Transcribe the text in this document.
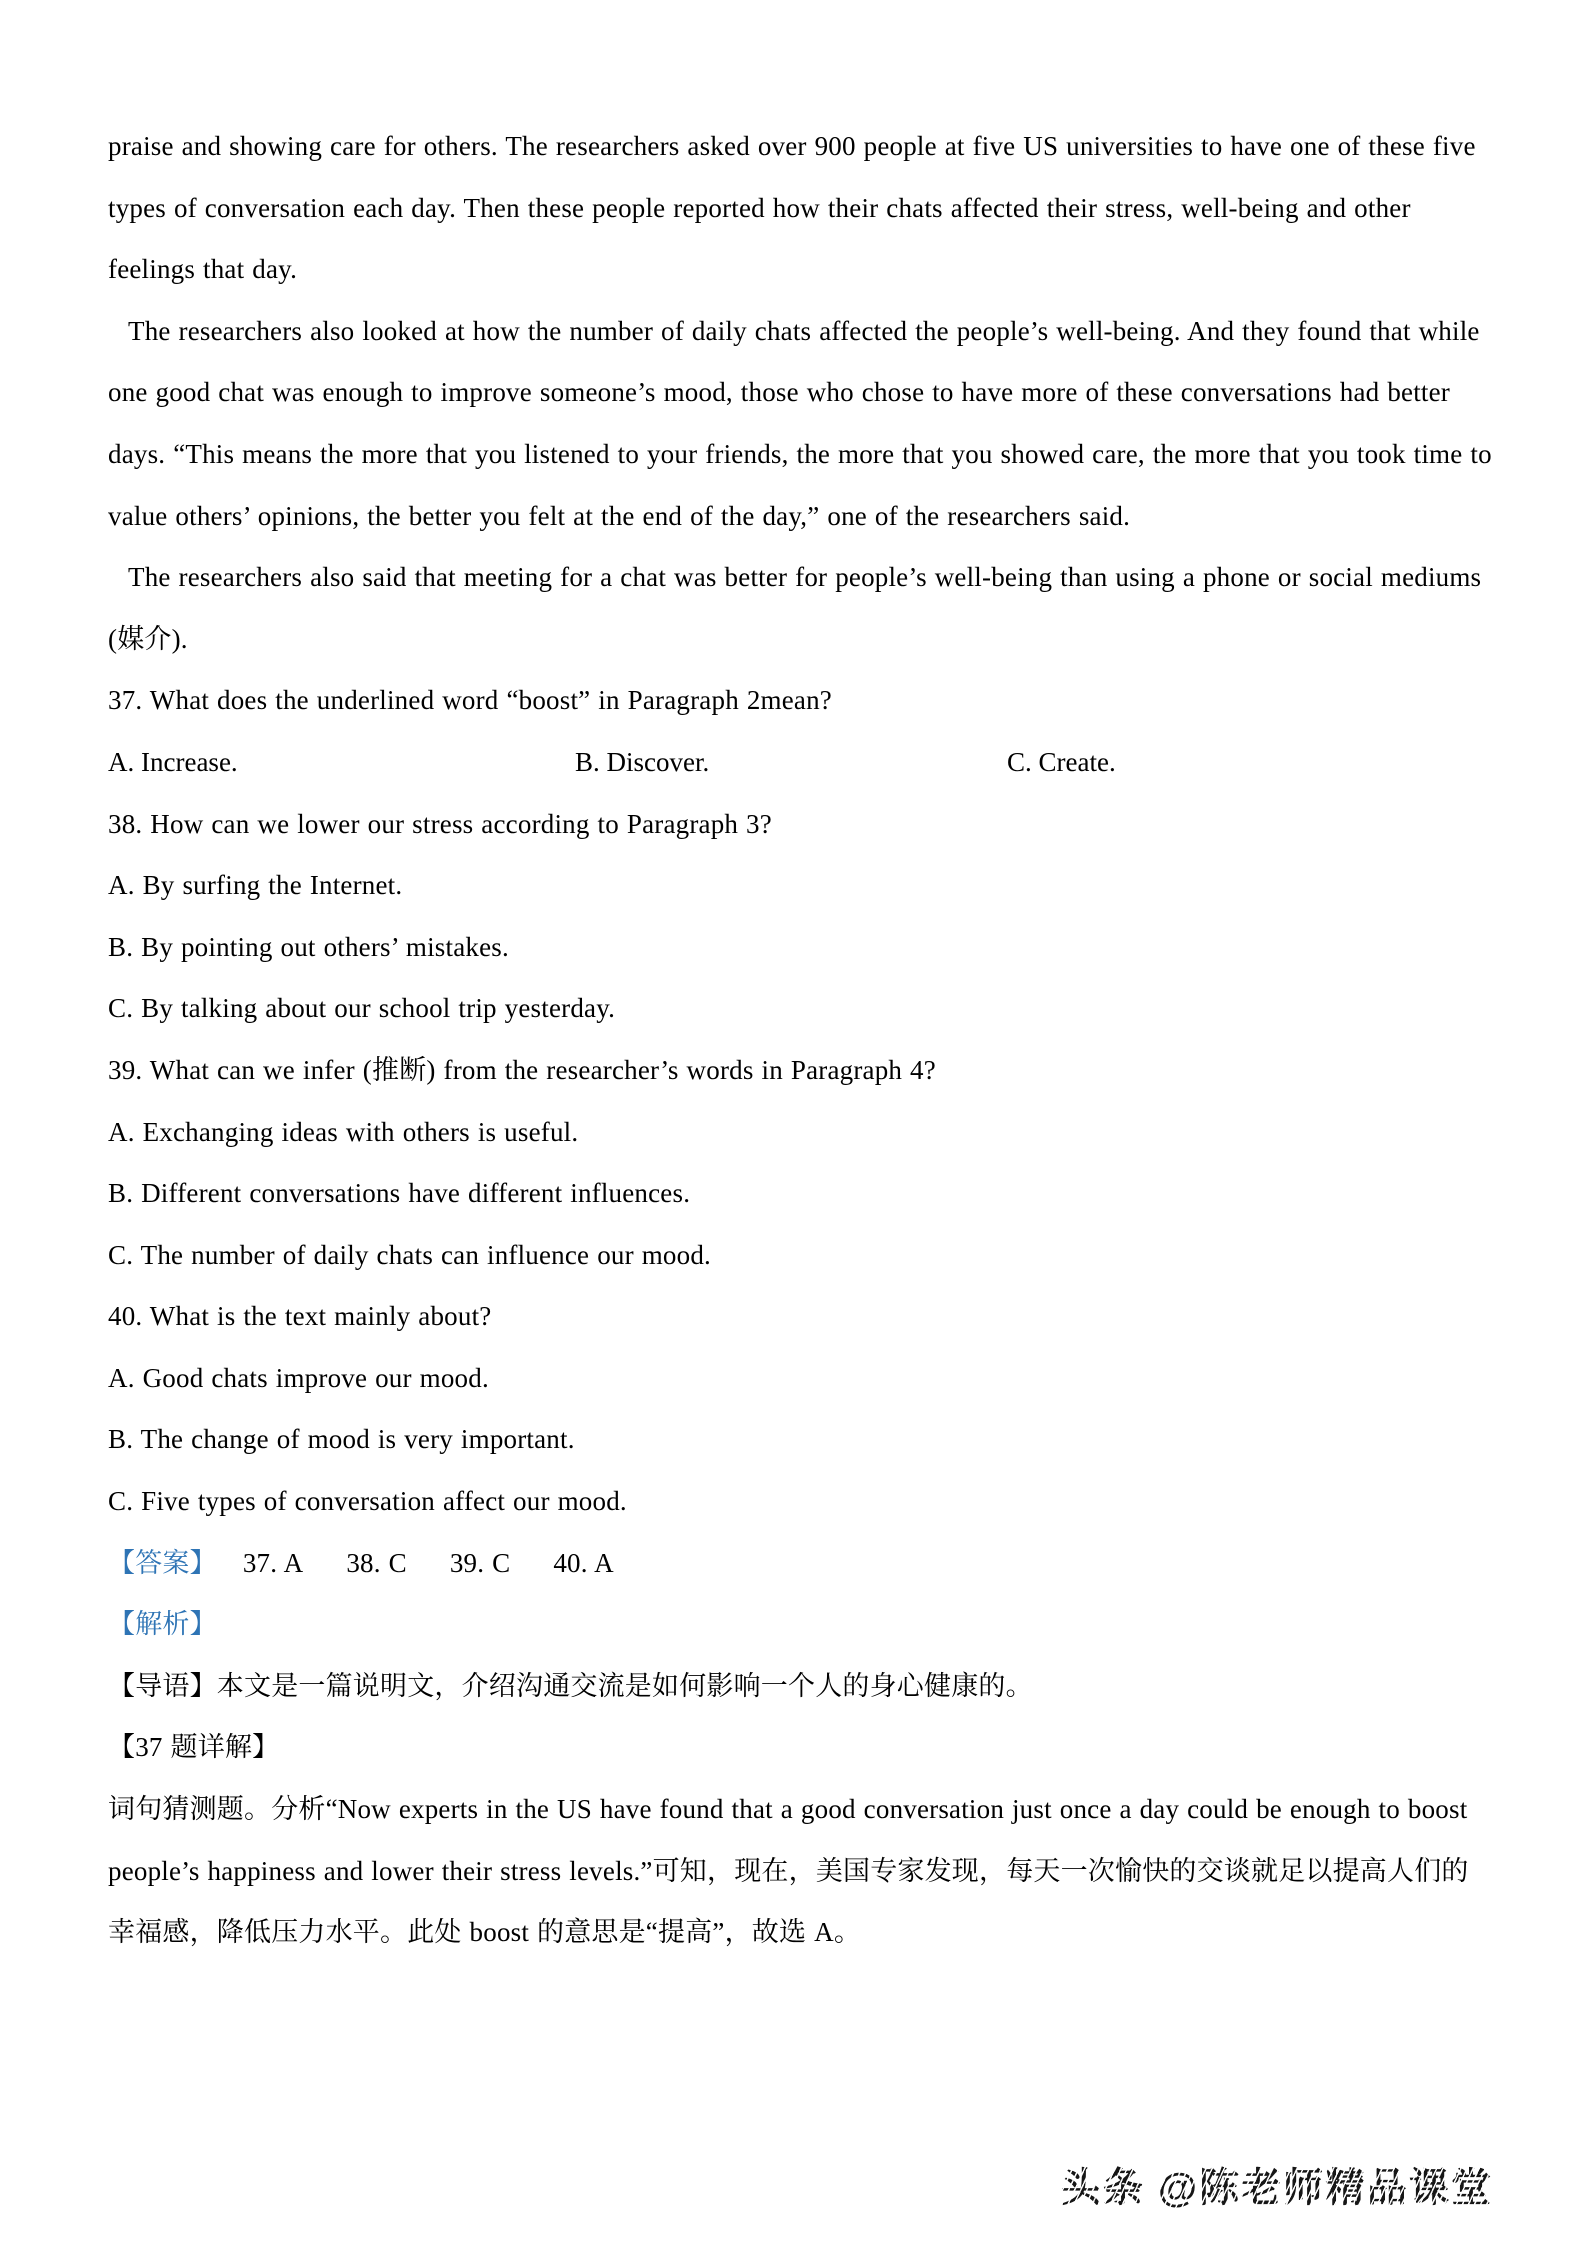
praise and showing care for others. The researchers asked over 900 people at five US universities to have one of these five types of conversation each day. Then these people reported how their chats affected their stress, well-being and other feelings that day.

The researchers also looked at how the number of daily chats affected the people’s well-being. And they found that while one good chat was enough to improve someone’s mood, those who chose to have more of these conversations had better days. “This means the more that you listened to your friends, the more that you showed care, the more that you took time to value others’ opinions, the better you felt at the end of the day,” one of the researchers said.

The researchers also said that meeting for a chat was better for people’s well-being than using a phone or social mediums (媒介).

37. What does the underlined word “boost” in Paragraph 2mean?

A. Increase.	B. Discover.	C. Create.

38. How can we lower our stress according to Paragraph 3?

A. By surfing the Internet.

B. By pointing out others’ mistakes.

C. By talking about our school trip yesterday.

39. What can we infer (推断) from the researcher’s words in Paragraph 4?

A. Exchanging ideas with others is useful.

B. Different conversations have different influences.

C. The number of daily chats can influence our mood.

40. What is the text mainly about?

A. Good chats improve our mood.

B. The change of mood is very important.

C. Five types of conversation affect our mood.

【答案】 37. A 38. C 39. C 40. A

【解析】

【导语】本文是一篇说明文，介绍沟通交流是如何影响一个人的身心健康的。

【37 题详解】

词句猜测题。分析“Now experts in the US have found that a good conversation just once a day could be enough to boost people’s happiness and lower their stress levels.”可知，现在，美国专家发现，每天一次愉快的交谈就足以提高人们的幸福感，降低压力水平。此处 boost 的意思是“提高”，故选 A。

头条 @陈老师精品课堂
